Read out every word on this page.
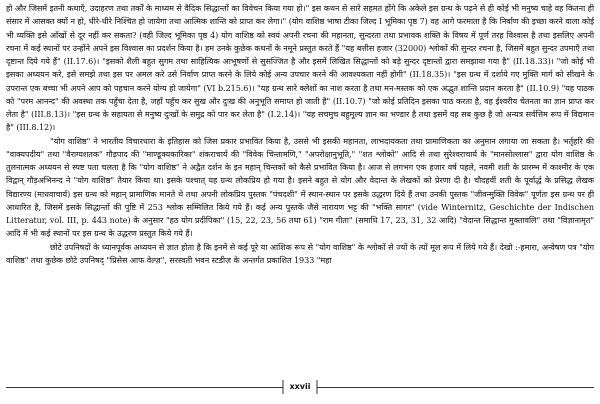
हो और जिसमें इतनी कथाएँ, उदाहरण तथा तर्कों के माध्यम से वैदिक सिद्धान्तों का विवेचन किया गया हो।" इस कथन से सारे सहमत होंगे कि अकेले इस ग्रन्थ के पढ़ने से ही कोई भी मनुष्य चाहे वह कितना ही संसार में आसक्त क्यों न हो, धीरे-धीरे निश्चित हो जायेगा तथा आत्मिक शान्ति को प्राप्त कर लेगा।" (योग वाशिष्ठ भाषा टीका जिल्द I भूमिका पृष्ठ 7) वह आगे फरमाता है कि निर्वाण की इच्छा करने वाला कोई भी व्यक्ति इसे आँखों से दूर नहीं कर सकता? (वही जिल्द भूमिका पृष्ठ 4) योग वाशिष्ठ को स्वयं अपनी रचना की महानता, सुन्दरता तथा प्रभावक शक्ति के विषय में पूर्ण तरह विश्वास है तथा इसलिए अपनी रचना में कई स्थानों पर उन्होंने अपने इस विश्वास का प्रदर्शन किया है। हम उनके कुछेक कथनों के नमूने प्रस्तुत करते हैं "यह बत्तीस हजार (32000) श्लोकों की सुन्दर रचना है, जिसमें बहुत सुन्दर उपमाएँ तथा दृष्टान्त दिये गये हैं" (II.17.6)। "इसको शैली बहुत सुगम तथा साहित्यिक आभूषणों से सुसज्जित है और इसमें लिखित सिद्धान्तों को बड़े सुन्दर दृष्टान्तों द्वारा समझाया गया है" (II.18.33)। "जो कोई भी इसका अध्ययन करे, इसे समझे तथा इस पर अमल करे उसे निर्वाण प्राप्त करने के लिये कोई अन्य उपचार करने की आवश्यकता नहीं होगी" (II.18.35)। "इस ग्रन्थ में दर्शाये गए मुक्ति मार्ग को सीखने के उपरान्त एक बच्चा भी अपने आप को पहचान करने योग्य हो जायेगा" (VI b.215.6)। "यह ग्रन्थ सारे क्लेशों का नाश करता है तथा मन-मस्तक को एक अद्भुत शान्ति प्रदान करता है" (II.10.9) "यह पाठक को "परम आनन्द" की अवस्था तक पहुँचा देता है, जहाँ पहुँच कर सुख और दुःख की अनुभूति समाप्त हो जाती है" (II.10.7) "जो कोई प्रतिदिन इसका पाठ करता है, वह ईश्वरीय चेतनता का ज्ञान प्राप्त कर लेता है" (III.8.13)। "इस ग्रन्थ के सहायता से मनुष्य दुःखों के समुद्र को पार कर लेता है" (I.2.14)। "यह सचमुच बहुमूल्य ज्ञान का भण्डार है तथा इसमें वह सब कुछ है जो अन्यत्र सर्वत्तिम रूप में विद्यमान है" (III.8.12)।

"योग वाशिष्ठ" ने भारतीय विचारधारा के इतिहास को जिस प्रकार प्रभावित किया है, उससे भी इसकी महानता, लाभदायकता तथा प्रामाणिकता का अनुमान लगाया जा सकता है। भर्तृहरि की "वाक्यपदीय" तथा "वैराग्यशतक" गौड़पाद की "माण्डूक्यकारिका" शंकराचार्य की "विवेक चिन्तामणि," "अपरोक्षानुभूति," "शत श्लोको" आदि से तथा सुरेश्वराचार्य के "मानसोल्लास" द्वारा योग वाशिष्ठ के तुलनात्मक अध्ययन से स्पष्ट पता चलता है कि "योग वाशिष्ठ" ने अद्वैत दर्शन के इन महान् चिन्तकों को कैसे प्रभावित किया है। आज से लगभग एक हजार वर्ष पहले, नवमी शती के प्रारम्भ में काश्मीर के एक विद्वान् गौड़अभिनन्द ने "योग वाशिष्ठ" तैयार किया था। इसके पश्चात् यह ग्रन्थ लोकप्रिय हो गया है। इसने बहुत से योग और वेदान्त के लेखकों को प्रेरणा दी है। चौदहवीं शती के पूर्वार्द्ध के प्रसिद्ध लेखक विद्यारण्य (माधवाचार्य) इस ग्रन्थ को महान् प्रामाणिक मानते थे तथा अपनी लोकप्रिय पुस्तक "पंचदशी" में स्थान-स्थान पर इसके उद्धरण दिये हैं तथा उनकी पुस्तक "जीवन्मुक्ति विवेक" पूर्णतः इस ग्रन्थ पर ही आधारित है, जिसमें इसके सिद्धान्तों की पुष्टि में 253 श्लोक सम्मिलित किये गये हैं। कई अन्य पुस्तकें जैसे नारायण भट्ट की "भक्ति सागर" (vide Winternitz, Geschichte der Indischen Litteratur, vol. III, p. 443 note) के अनुसार "हठ योग प्रदीपिका" (15, 22, 23, 56 तथा 61) "राम गीता" (समाधि 17, 23, 31, 32 आदि) "वेदान्त सिद्धान्त मुक्तावलि" तथा "विज्ञानामृत" आदि में भी कई स्थानों पर इस ग्रन्थ के उद्धरण प्रस्तुत किये गये हैं।

छोटे उपनिषदों के ध्यानपूर्वक अध्ययन से ज्ञात होता है कि इनमें से कई पूरे या आंशिक रूप से "योग वाशिष्ठ" के श्लोकों से ज्यों के त्यों मूल रूप में लिये गये हैं। देखो :-हमारा, अन्वेषण पत्र "योग वाशिष्ठ" तथा कुछेक छोटे उपनिषद् "प्रिसेस आफ वेल्ज़", सरस्वती भवन स्टडीज़ के अन्तर्गत प्रकाशित 1933 "महा

xxvii
